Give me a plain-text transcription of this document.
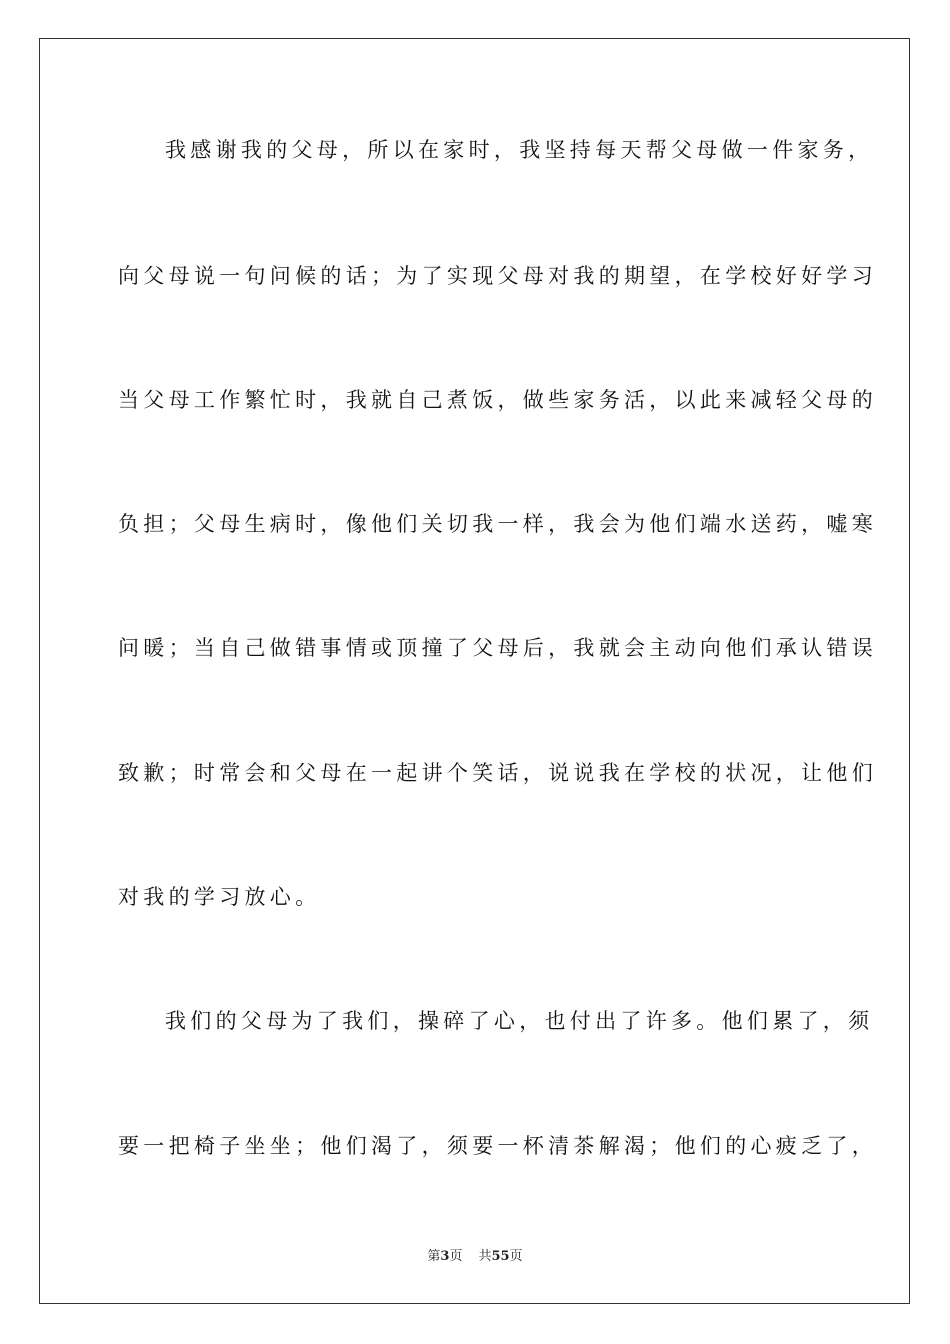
我感谢我的父母，所以在家时，我坚持每天帮父母做一件家务，
向父母说一句问候的话；为了实现父母对我的期望，在学校好好学习
当父母工作繁忙时，我就自己煮饭，做些家务活，以此来减轻父母的
负担；父母生病时，像他们关切我一样，我会为他们端水送药，嘘寒
问暖；当自己做错事情或顶撞了父母后，我就会主动向他们承认错误
致歉；时常会和父母在一起讲个笑话，说说我在学校的状况，让他们
对我的学习放心。
我们的父母为了我们，操碎了心，也付出了许多。他们累了，须
要一把椅子坐坐；他们渴了，须要一杯清茶解渴；他们的心疲乏了，
第3页 共55页
